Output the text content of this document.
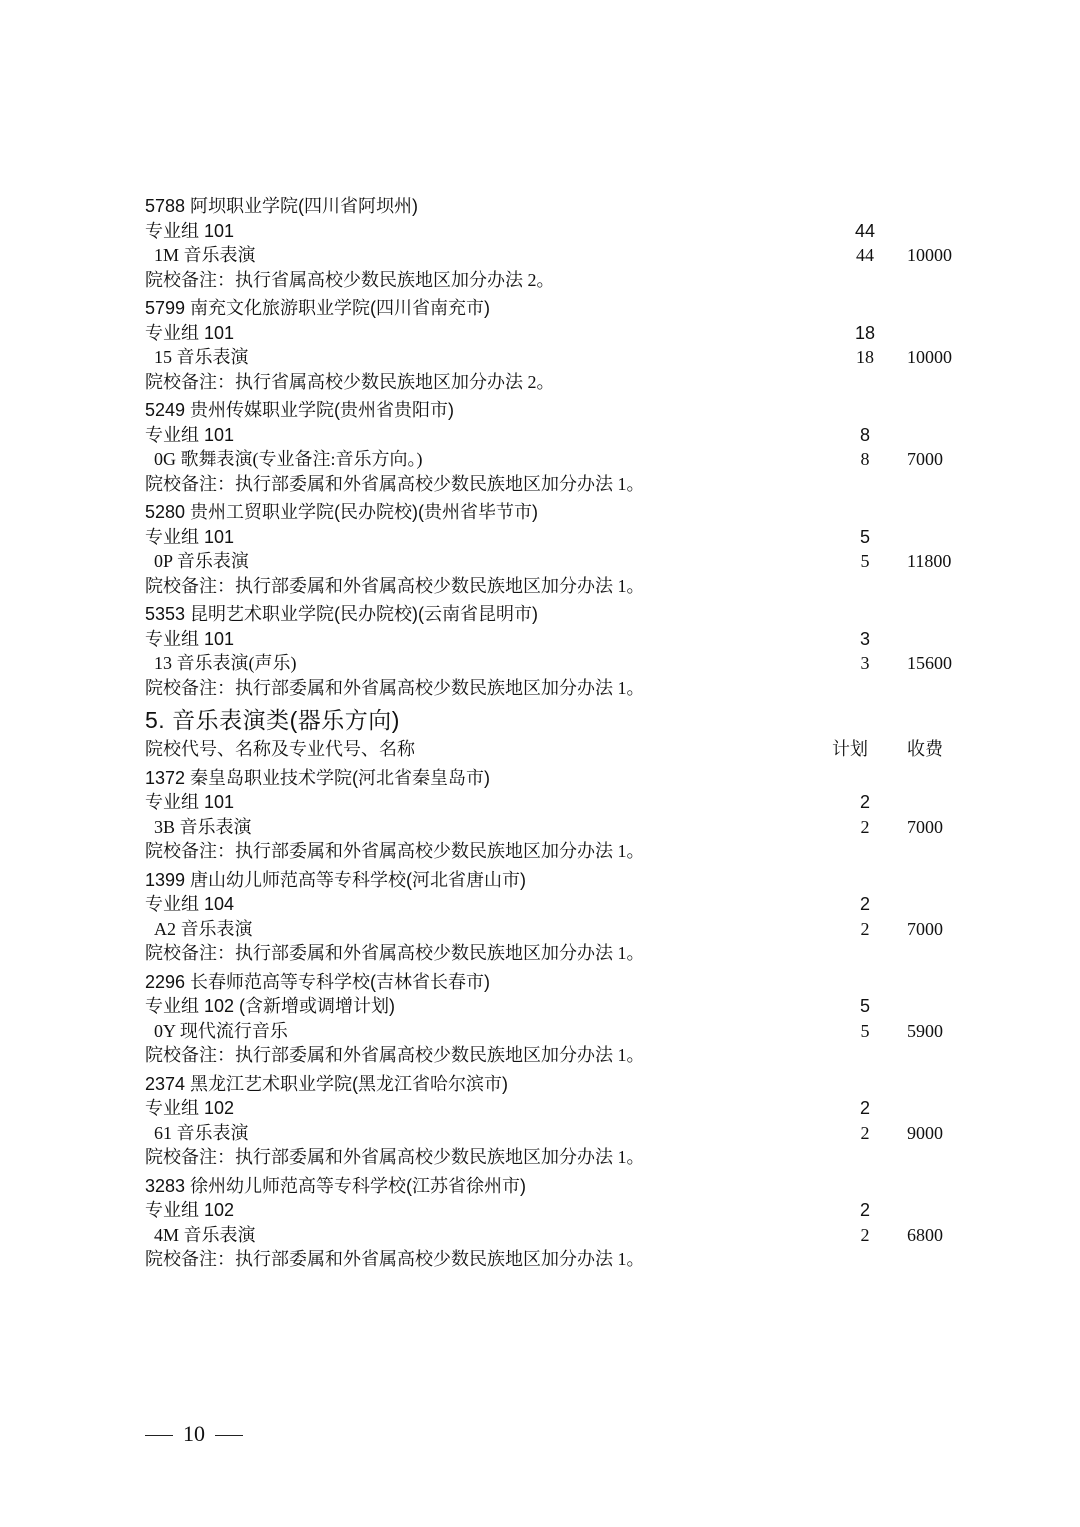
5788 阿坝职业学院(四川省阿坝州)
专业组 101	44
1M 音乐表演	44	10000
院校备注：执行省属高校少数民族地区加分办法 2。
5799 南充文化旅游职业学院(四川省南充市)
专业组 101	18
15 音乐表演	18	10000
院校备注：执行省属高校少数民族地区加分办法 2。
5249 贵州传媒职业学院(贵州省贵阳市)
专业组 101	8
0G 歌舞表演(专业备注:音乐方向。)	8	7000
院校备注：执行部委属和外省属高校少数民族地区加分办法 1。
5280 贵州工贸职业学院(民办院校)(贵州省毕节市)
专业组 101	5
0P 音乐表演	5	11800
院校备注：执行部委属和外省属高校少数民族地区加分办法 1。
5353 昆明艺术职业学院(民办院校)(云南省昆明市)
专业组 101	3
13 音乐表演(声乐)	3	15600
院校备注：执行部委属和外省属高校少数民族地区加分办法 1。
5. 音乐表演类(器乐方向)
院校代号、名称及专业代号、名称	计划	收费
1372 秦皇岛职业技术学院(河北省秦皇岛市)
专业组 101	2
3B 音乐表演	2	7000
院校备注：执行部委属和外省属高校少数民族地区加分办法 1。
1399 唐山幼儿师范高等专科学校(河北省唐山市)
专业组 104	2
A2 音乐表演	2	7000
院校备注：执行部委属和外省属高校少数民族地区加分办法 1。
2296 长春师范高等专科学校(吉林省长春市)
专业组 102 (含新增或调增计划)	5
0Y 现代流行音乐	5	5900
院校备注：执行部委属和外省属高校少数民族地区加分办法 1。
2374 黑龙江艺术职业学院(黑龙江省哈尔滨市)
专业组 102	2
61 音乐表演	2	9000
院校备注：执行部委属和外省属高校少数民族地区加分办法 1。
3283 徐州幼儿师范高等专科学校(江苏省徐州市)
专业组 102	2
4M 音乐表演	2	6800
院校备注：执行部委属和外省属高校少数民族地区加分办法 1。
10
